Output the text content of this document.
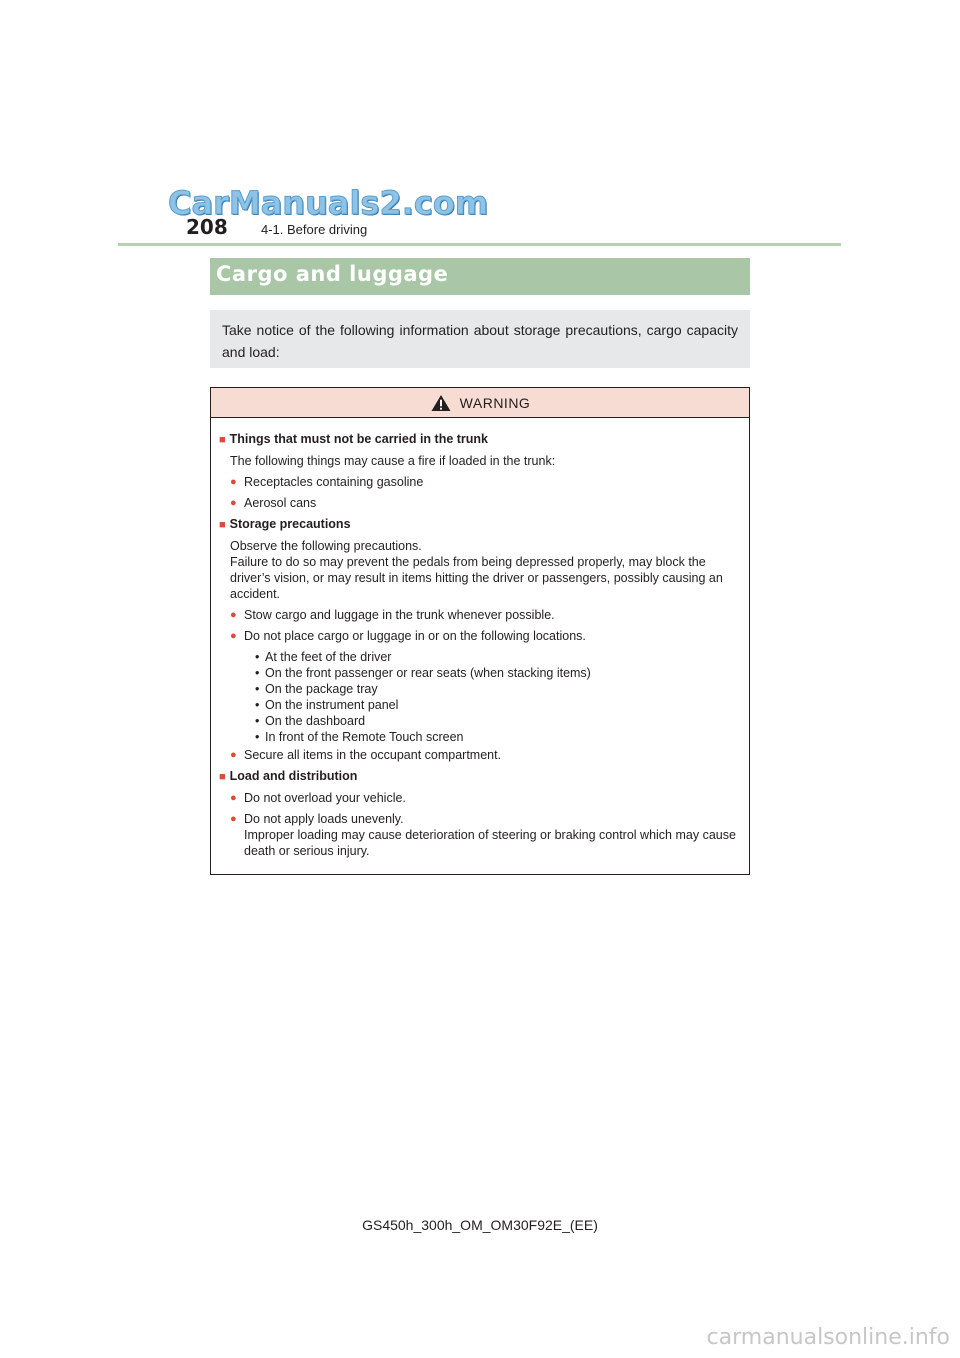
CarManuals2.com
208	4-1. Before driving
Cargo and luggage
Take notice of the following information about storage precautions, cargo capacity and load:
WARNING
■ Things that must not be carried in the trunk
The following things may cause a fire if loaded in the trunk:
● Receptacles containing gasoline
● Aerosol cans
■ Storage precautions
Observe the following precautions.
Failure to do so may prevent the pedals from being depressed properly, may block the driver’s vision, or may result in items hitting the driver or passengers, possibly causing an accident.
● Stow cargo and luggage in the trunk whenever possible.
● Do not place cargo or luggage in or on the following locations.
• At the feet of the driver
• On the front passenger or rear seats (when stacking items)
• On the package tray
• On the instrument panel
• On the dashboard
• In front of the Remote Touch screen
● Secure all items in the occupant compartment.
■ Load and distribution
● Do not overload your vehicle.
● Do not apply loads unevenly.
Improper loading may cause deterioration of steering or braking control which may cause death or serious injury.
GS450h_300h_OM_OM30F92E_(EE)
carmanualsonline.info
